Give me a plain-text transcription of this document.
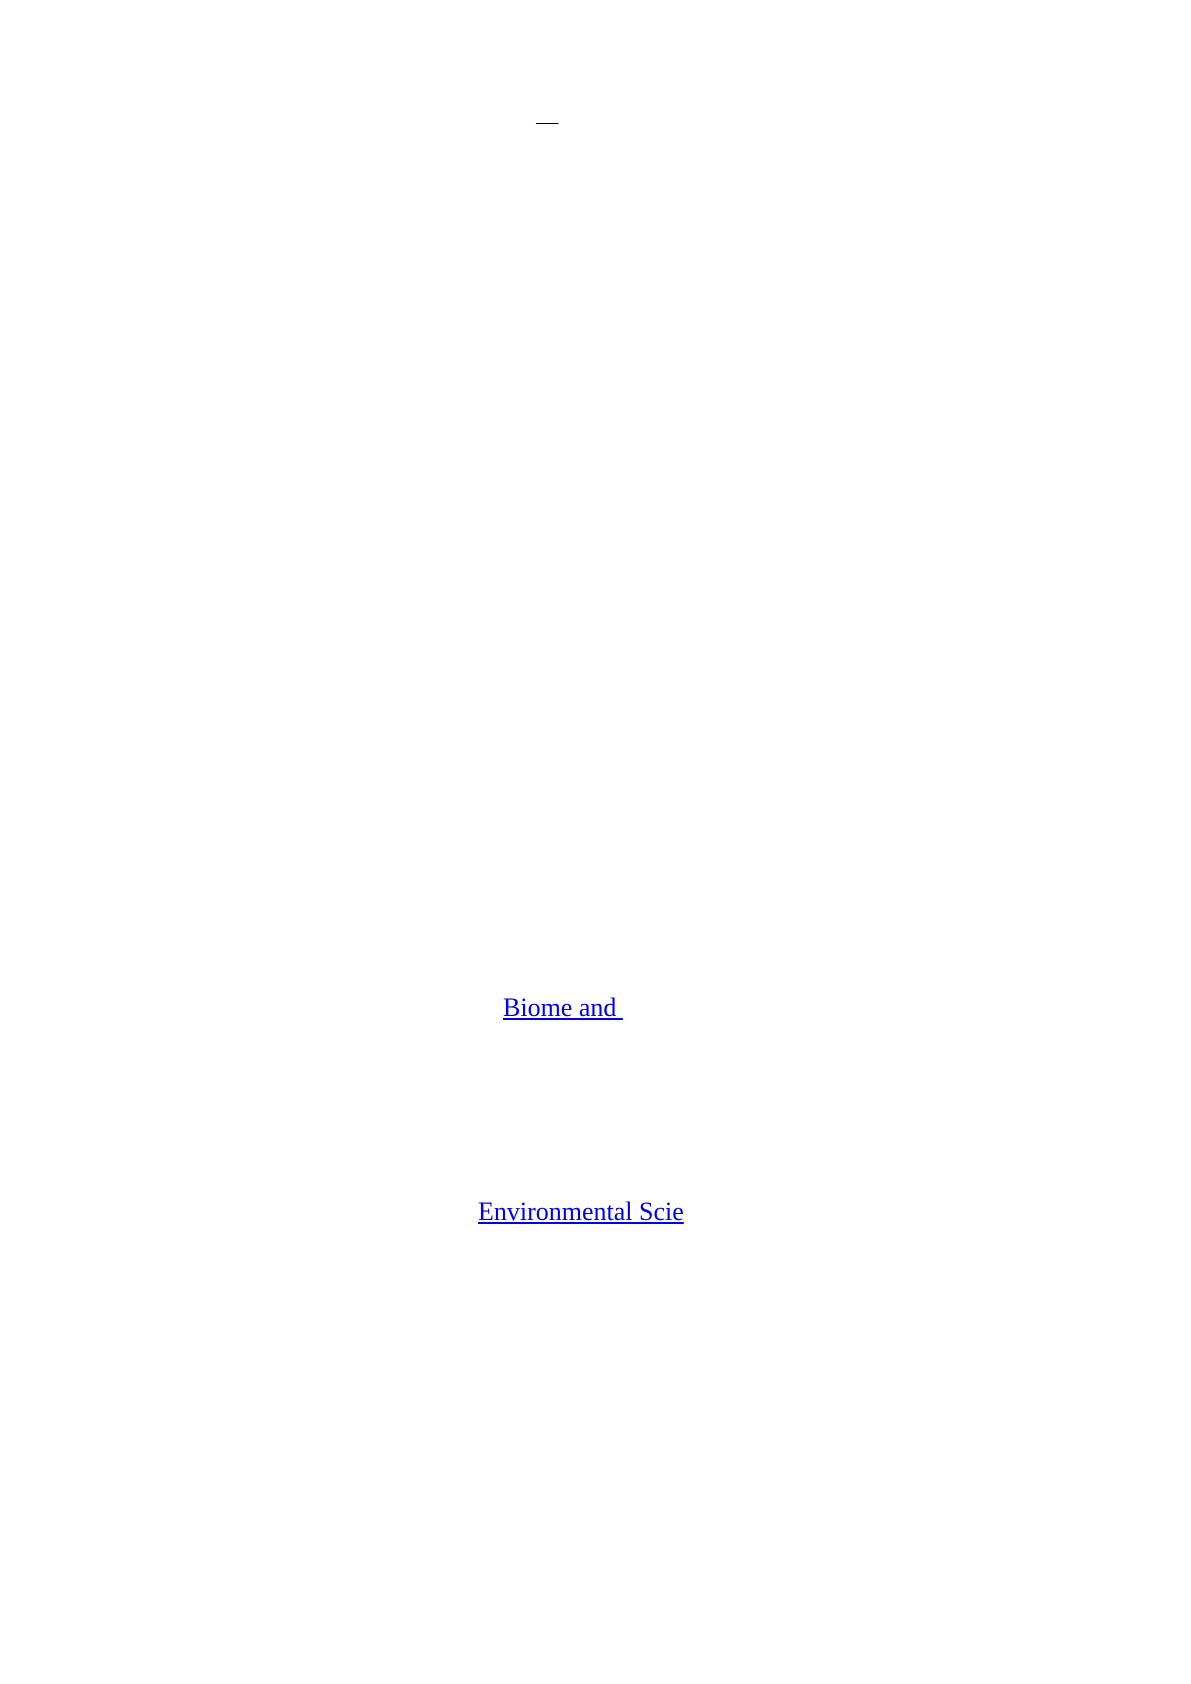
___
Biome and
Environmental Scie
